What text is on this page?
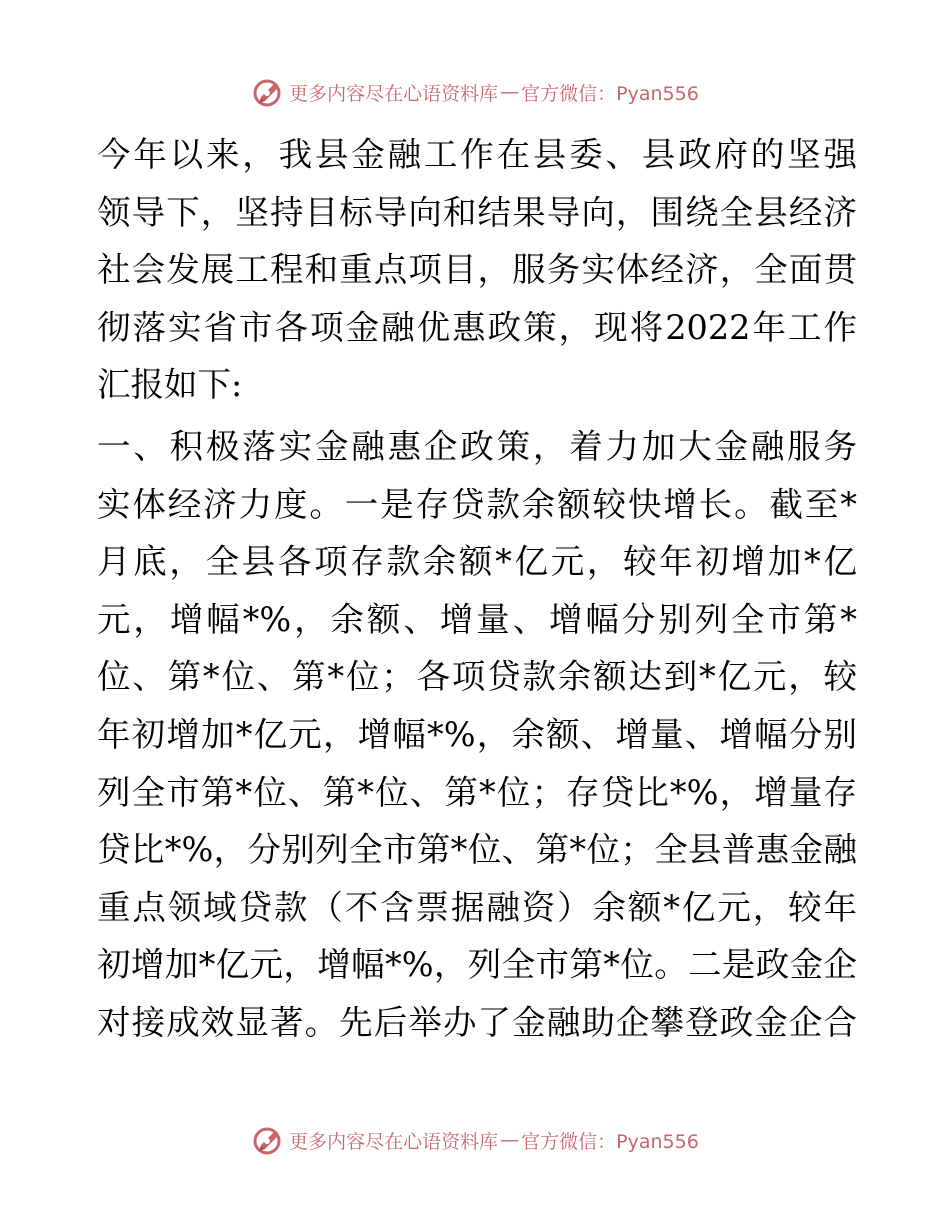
更多内容尽在心语资料库 — 官方微信：Pyan556
今年以来，我县金融工作在县委、县政府的坚强
领导下，坚持目标导向和结果导向，围绕全县经济
社会发展工程和重点项目，服务实体经济，全面贯
彻落实省市各项金融优惠政策，现将2022年工作
汇报如下:
一、积极落实金融惠企政策，着力加大金融服务
实体经济力度。一是存贷款余额较快增长。截至*
月底，全县各项存款余额*亿元，较年初增加*亿
元，增幅*%，余额、增量、增幅分别列全市第*
位、第*位、第*位；各项贷款余额达到*亿元，较
年初增加*亿元，增幅*%，余额、增量、增幅分别
列全市第*位、第*位、第*位；存贷比*%，增量存
贷比*%，分别列全市第*位、第*位；全县普惠金融
重点领域贷款（不含票据融资）余额*亿元，较年
初增加*亿元，增幅*%，列全市第*位。二是政金企
对接成效显著。先后举办了金融助企攀登政金企合
更多内容尽在心语资料库 — 官方微信：Pyan556
